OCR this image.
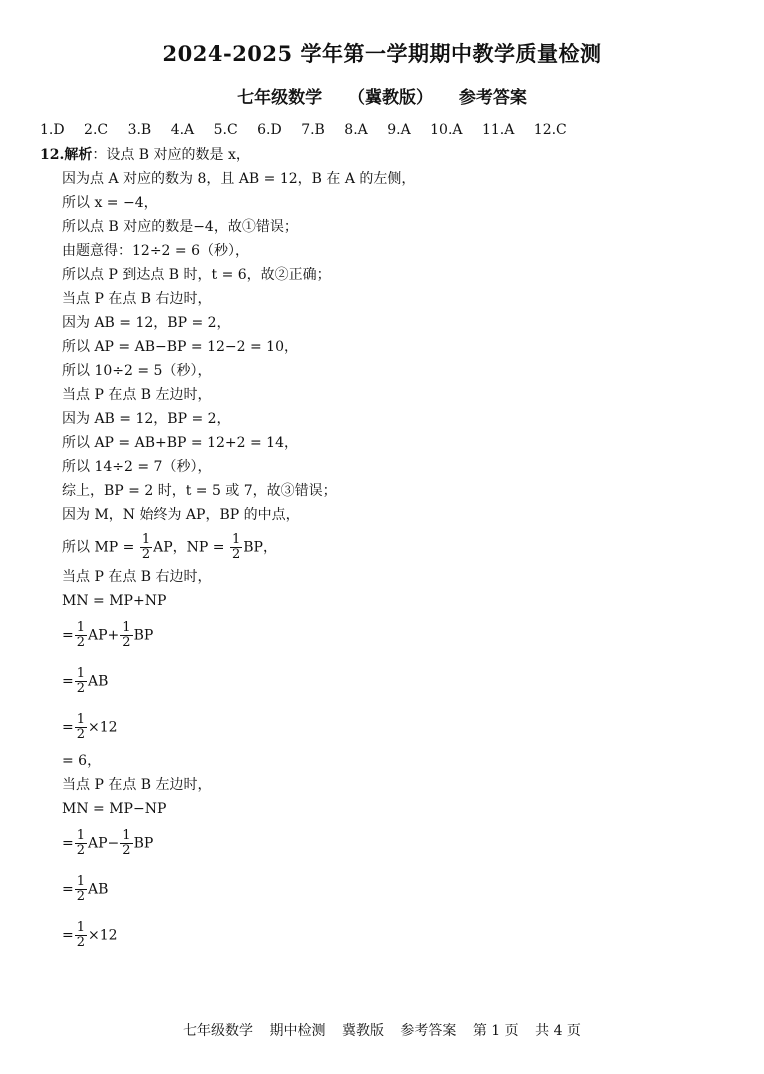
2024-2025 学年第一学期期中教学质量检测
七年级数学 （冀教版） 参考答案
1.D 2.C 3.B 4.A 5.C 6.D 7.B 8.A 9.A 10.A 11.A 12.C
12.解析：设点 B 对应的数是 x，
因为点 A 对应的数为 8，且 AB = 12，B 在 A 的左侧，
所以 x = −4，
所以点 B 对应的数是−4，故①错误；
由题意得：12÷2 = 6（秒），
所以点 P 到达点 B 时，t = 6，故②正确；
当点 P 在点 B 右边时，
因为 AB = 12，BP = 2，
所以 AP = AB−BP = 12−2 = 10，
所以 10÷2 = 5（秒），
当点 P 在点 B 左边时，
因为 AB = 12，BP = 2，
所以 AP = AB+BP = 12+2 = 14，
所以 14÷2 = 7（秒），
综上，BP = 2 时，t = 5 或 7，故③错误；
因为 M，N 始终为 AP，BP 的中点，
所以 MP = $\frac{1}{2}$ AP，NP = $\frac{1}{2}$ BP，
当点 P 在点 B 右边时，
MN = MP+NP
= $\frac{1}{2} AP+ \frac{1}{2}$ BP
= $\frac{1}{2}$ AB
= $\frac{1}{2} \times 12$
= 6，
当点 P 在点 B 左边时，
MN = MP−NP
= $\frac{1}{2} AP- \frac{1}{2}$ BP
= $\frac{1}{2}$ AB
= $\frac{1}{2} \times 12$
七年级数学 期中检测 冀教版 参考答案 第 1 页 共 4 页
